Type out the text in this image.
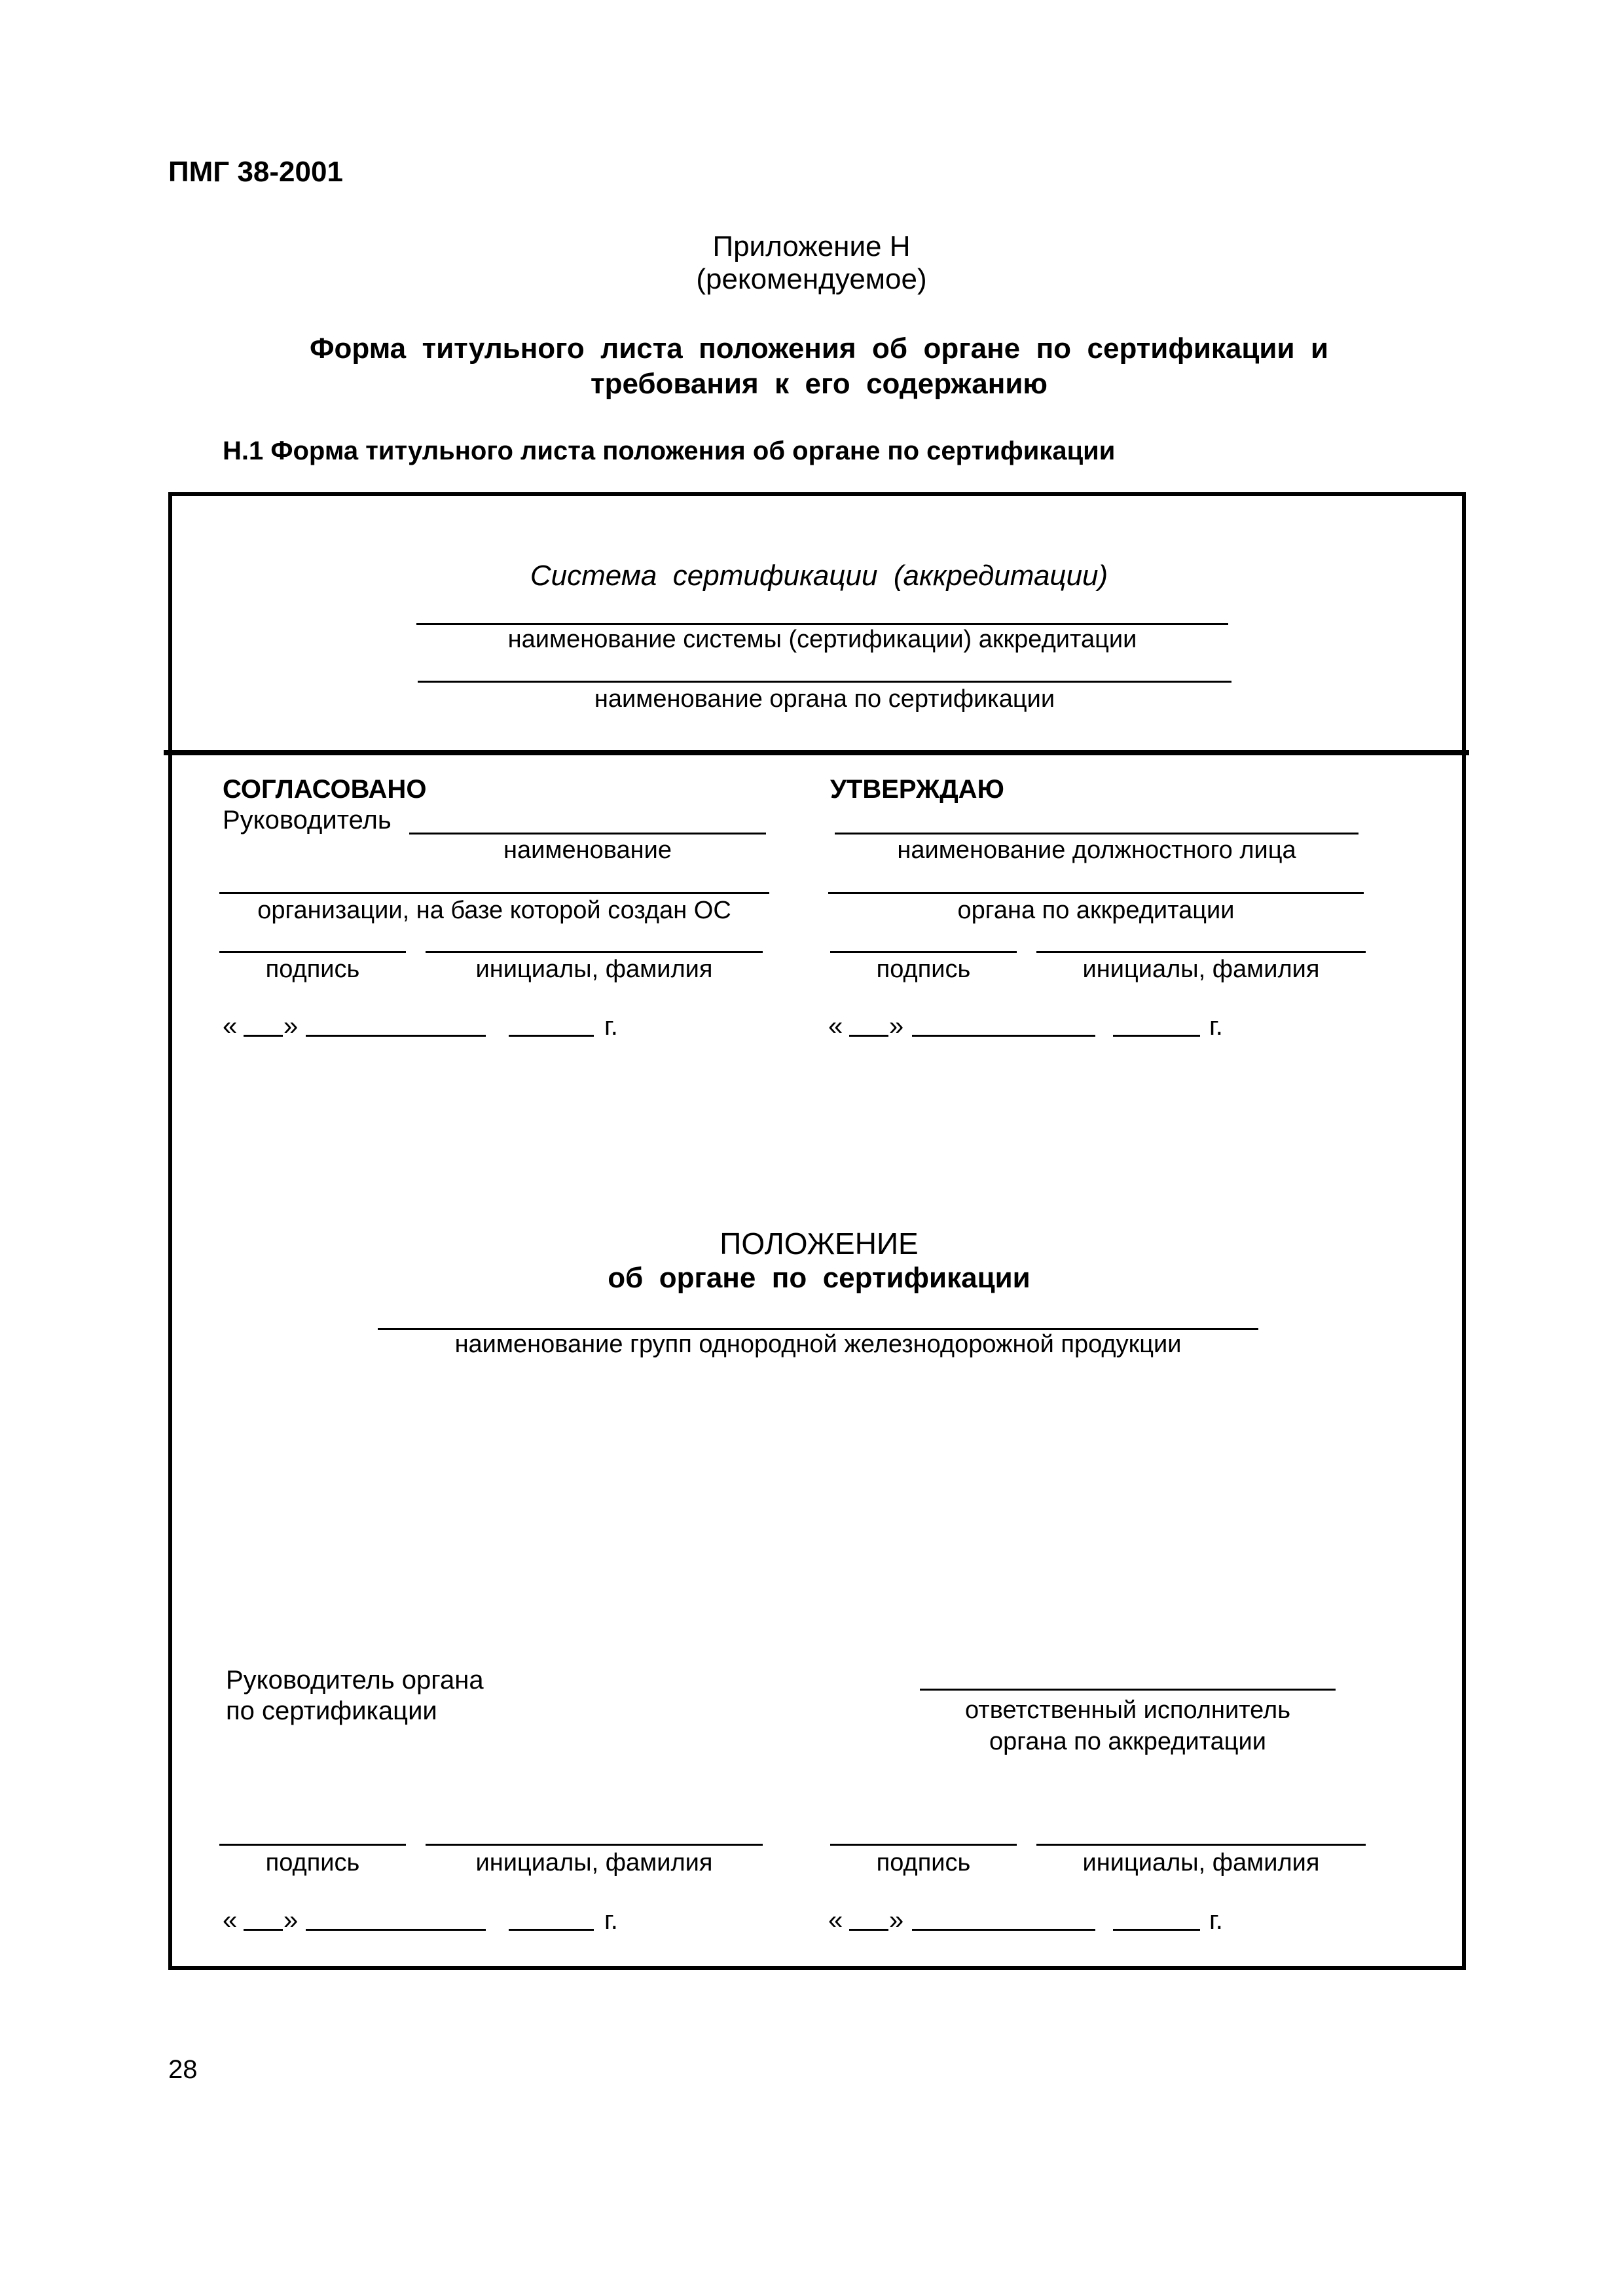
ПМГ 38-2001
Приложение Н
(рекомендуемое)
Форма  титульного  листа  положения  об  органе  по  сертификации  и
требования  к  его  содержанию
Н.1 Форма титульного листа положения об органе по сертификации
Система  сертификации  (аккредитации)
наименование системы (сертификации) аккредитации
наименование органа по сертификации
СОГЛАСОВАНО
Руководитель
наименование
организации, на базе которой создан ОС
подпись	инициалы, фамилия
« »	г.
УТВЕРЖДАЮ
наименование должностного лица
органа по аккредитации
подпись	инициалы, фамилия
« »	г.
ПОЛОЖЕНИЕ
об  органе  по  сертификации
наименование групп однородной железнодорожной продукции
Руководитель органа
по сертификации
подпись	инициалы, фамилия
« »	г.
ответственный исполнитель
органа по аккредитации
подпись	инициалы, фамилия
« »	г.
28
